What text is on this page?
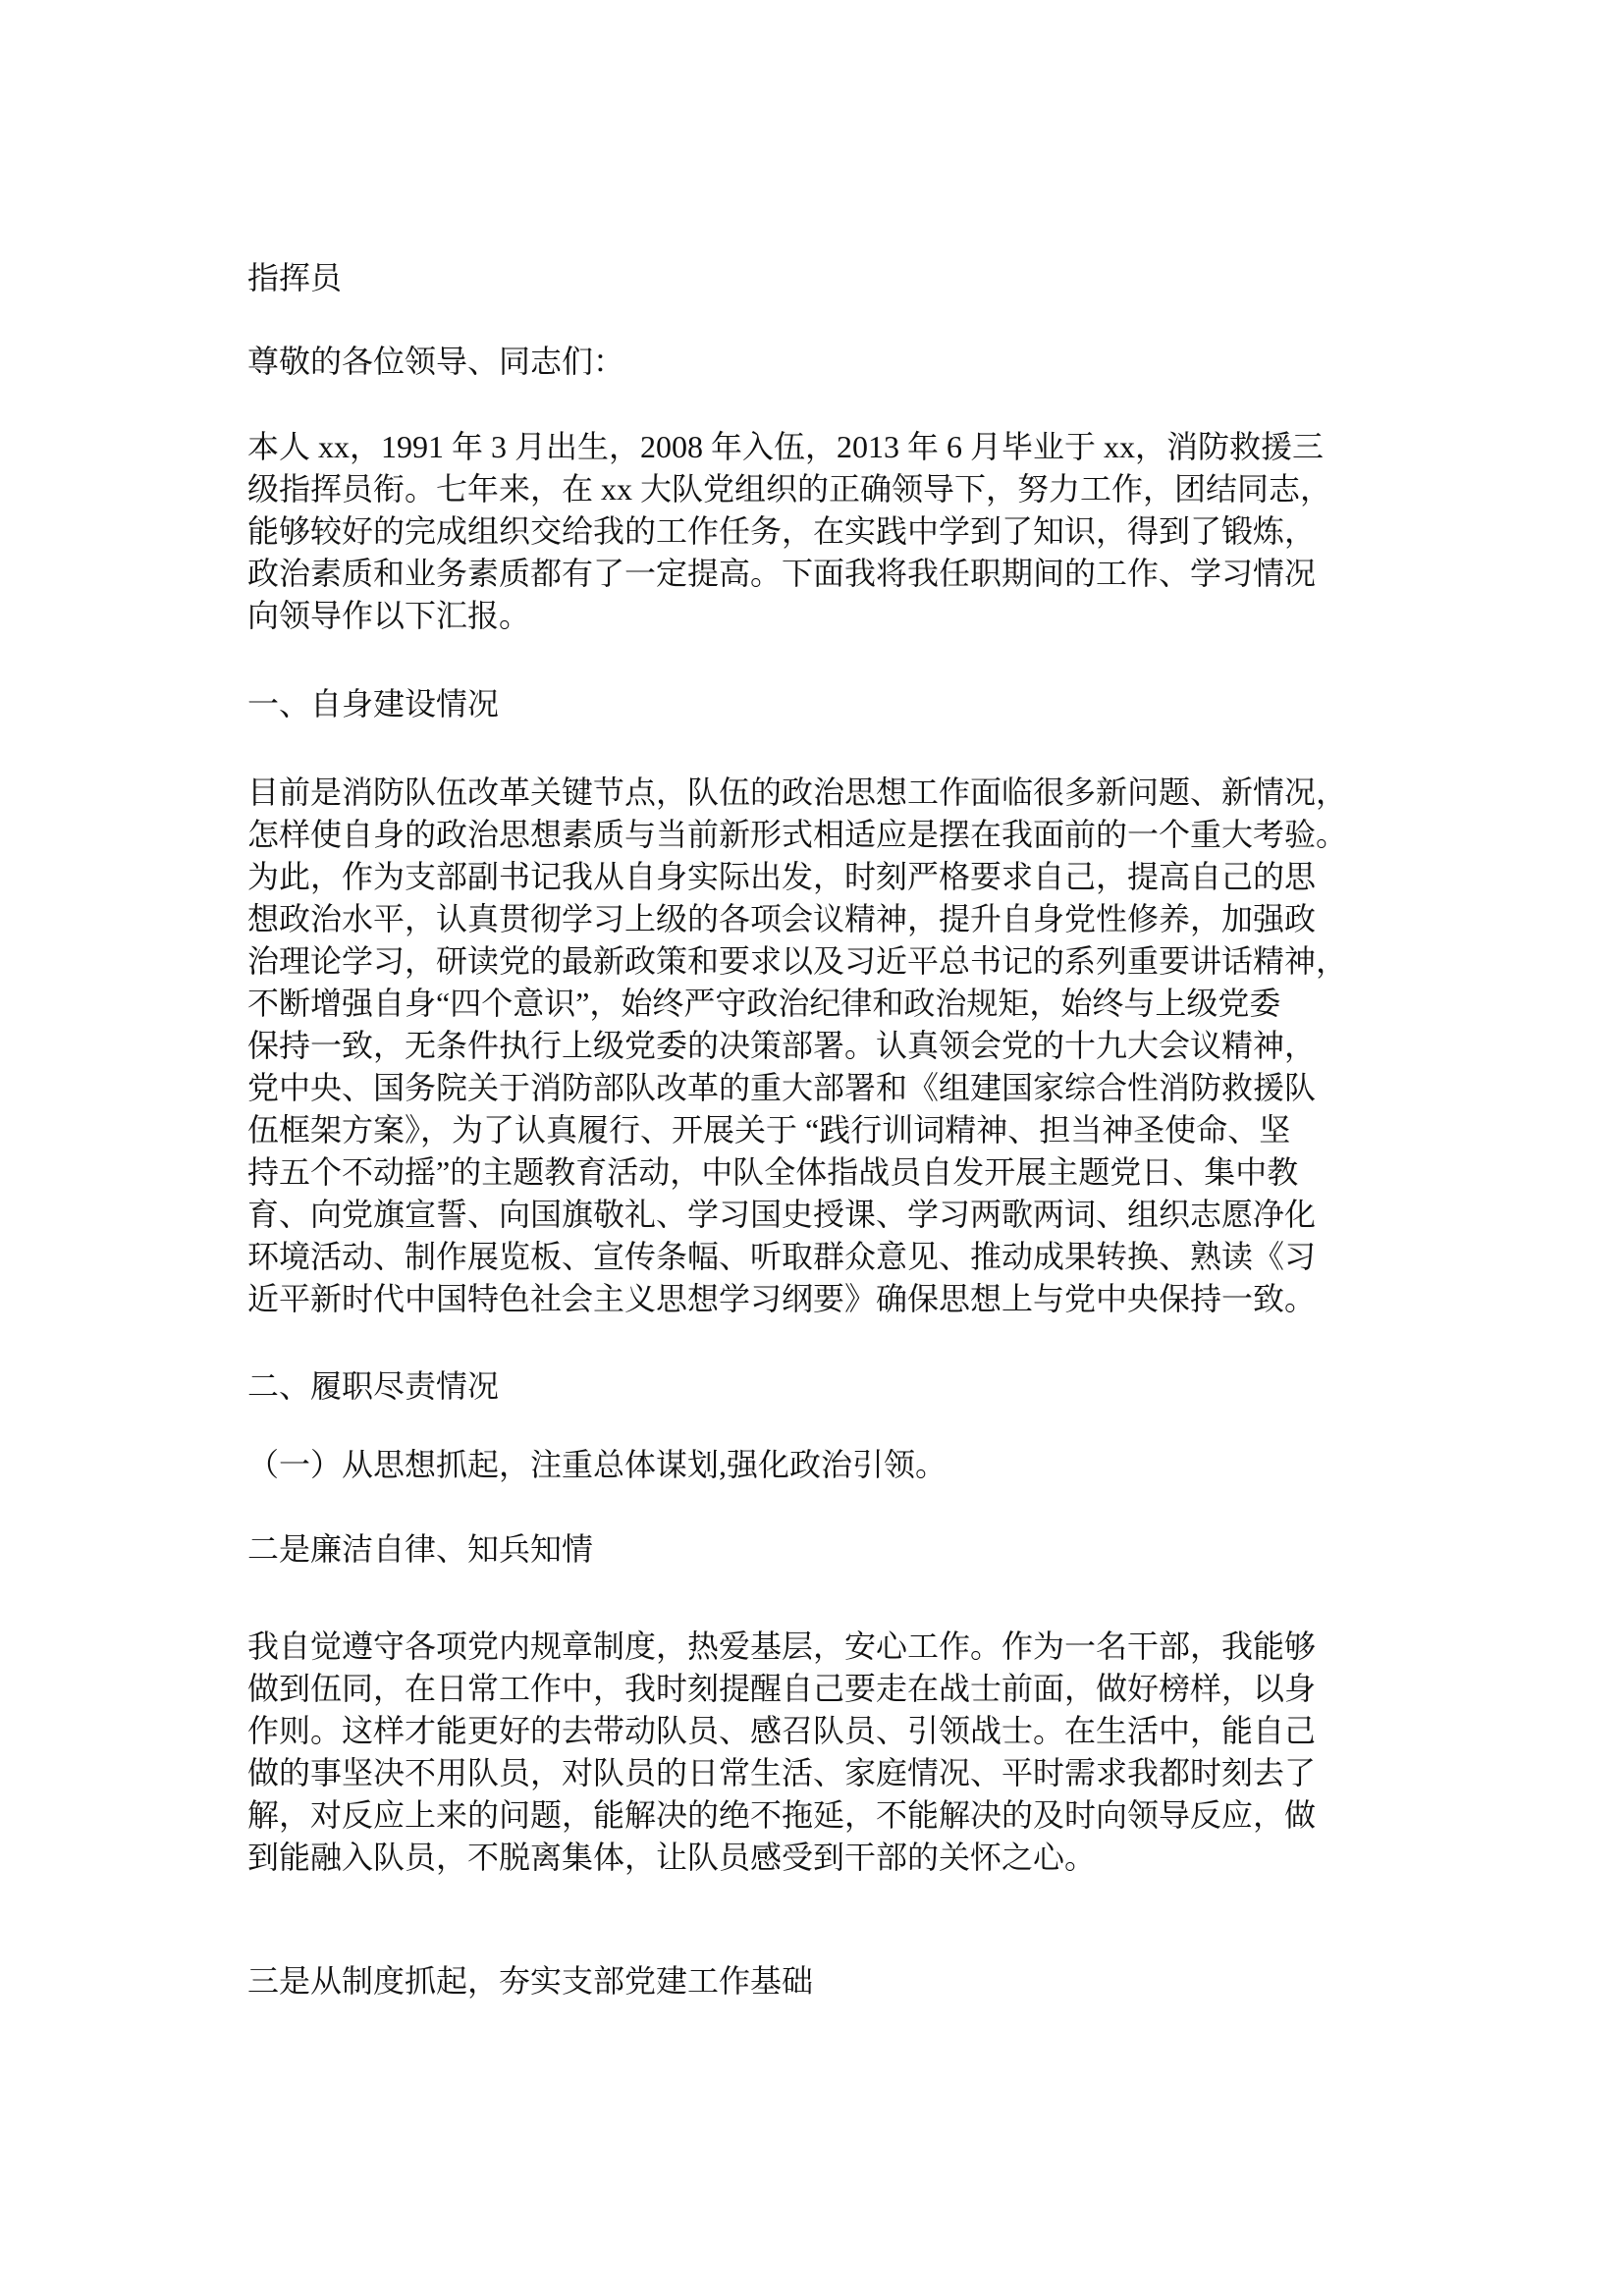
指挥员
尊敬的各位领导、同志们：
本人 xx，1991 年 3 月出生，2008 年入伍，2013 年 6 月毕业于 xx，消防救援三
级指挥员衔。七年来，在 xx 大队党组织的正确领导下，努力工作，团结同志，
能够较好的完成组织交给我的工作任务，在实践中学到了知识，得到了锻炼，
政治素质和业务素质都有了一定提高。下面我将我任职期间的工作、学习情况
向领导作以下汇报。
一、自身建设情况
目前是消防队伍改革关键节点，队伍的政治思想工作面临很多新问题、新情况，
怎样使自身的政治思想素质与当前新形式相适应是摆在我面前的一个重大考验。
为此，作为支部副书记我从自身实际出发，时刻严格要求自己，提高自己的思
想政治水平，认真贯彻学习上级的各项会议精神，提升自身党性修养，加强政
治理论学习，研读党的最新政策和要求以及习近平总书记的系列重要讲话精神，
不断增强自身“四个意识”，始终严守政治纪律和政治规矩，始终与上级党委
保持一致，无条件执行上级党委的决策部署。认真领会党的十九大会议精神，
党中央、国务院关于消防部队改革的重大部署和《组建国家综合性消防救援队
伍框架方案》，为了认真履行、开展关于 “践行训词精神、担当神圣使命、坚
持五个不动摇”的主题教育活动，中队全体指战员自发开展主题党日、集中教
育、向党旗宣誓、向国旗敬礼、学习国史授课、学习两歌两词、组织志愿净化
环境活动、制作展览板、宣传条幅、听取群众意见、推动成果转换、熟读《习
近平新时代中国特色社会主义思想学习纲要》确保思想上与党中央保持一致。
二、履职尽责情况
（一）从思想抓起，注重总体谋划,强化政治引领。
二是廉洁自律、知兵知情
我自觉遵守各项党内规章制度，热爱基层，安心工作。作为一名干部，我能够
做到伍同，在日常工作中，我时刻提醒自己要走在战士前面，做好榜样，以身
作则。这样才能更好的去带动队员、感召队员、引领战士。在生活中，能自己
做的事坚决不用队员，对队员的日常生活、家庭情况、平时需求我都时刻去了
解，对反应上来的问题，能解决的绝不拖延，不能解决的及时向领导反应，做
到能融入队员，不脱离集体，让队员感受到干部的关怀之心。
三是从制度抓起，夯实支部党建工作基础
